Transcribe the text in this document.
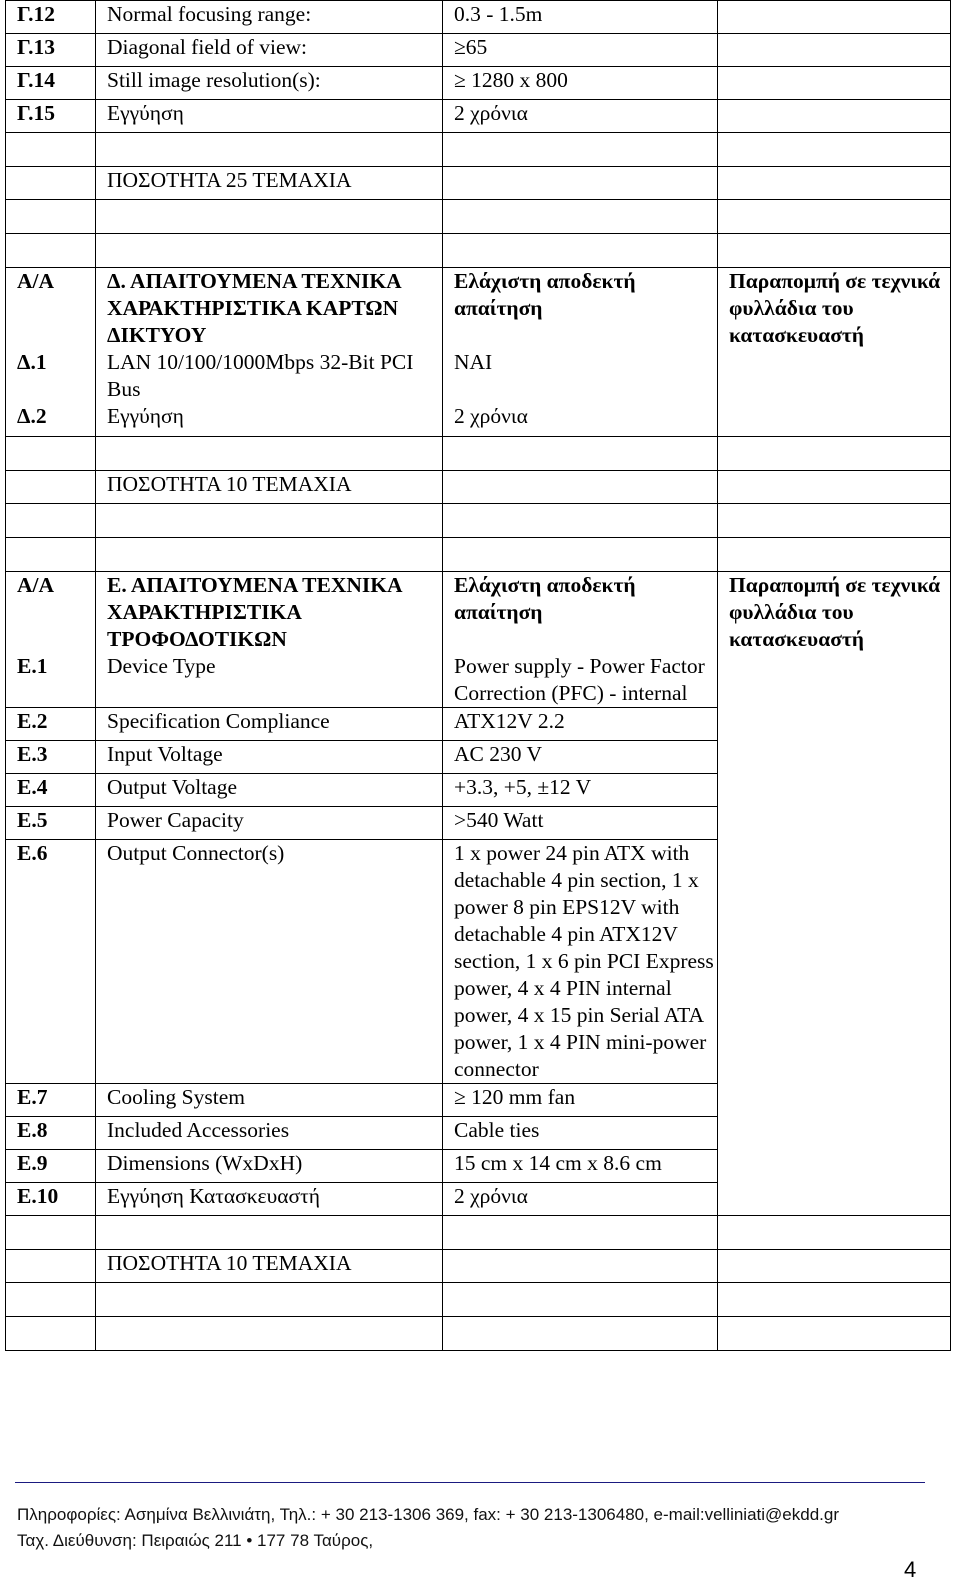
Γ.12	Normal focusing range:	0.3 - 1.5m	
Γ.13	Diagonal field of view:	≥65	
Γ.14	Still image resolution(s):	≥ 1280 x 800	
Γ.15	Εγγύηση	2 χρόνια	

	ΠΟΣΟΤΗΤΑ 25 ΤΕΜΑΧΙΑ		

Α/Α	Δ. ΑΠΑΙΤΟΥΜΕΝΑ ΤΕΧΝΙΚΑ ΧΑΡΑΚΤΗΡΙΣΤΙΚΑ ΚΑΡΤΩΝ ΔΙΚΤΥΟΥ	Ελάχιστη αποδεκτή απαίτηση	Παραπομπή σε τεχνικά φυλλάδια του κατασκευαστή
Δ.1	LAN 10/100/1000Mbps 32-Bit PCI Bus	NAI	
Δ.2	Εγγύηση	2 χρόνια	

	ΠΟΣΟΤΗΤΑ 10 ΤΕΜΑΧΙΑ		

Α/Α	Ε. ΑΠΑΙΤΟΥΜΕΝΑ ΤΕΧΝΙΚΑ ΧΑΡΑΚΤΗΡΙΣΤΙΚΑ ΤΡΟΦΟΔΟΤΙΚΩΝ	Ελάχιστη αποδεκτή απαίτηση	Παραπομπή σε τεχνικά φυλλάδια του κατασκευαστή
Ε.1	Device Type	Power supply - Power Factor Correction (PFC) - internal	
Ε.2	Specification Compliance	ATX12V 2.2	
Ε.3	Input Voltage	AC 230 V	
Ε.4	Output Voltage	+3.3, +5, ±12 V	
Ε.5	Power Capacity	>540 Watt	
Ε.6	Output Connector(s)	1 x power 24 pin ATX with detachable 4 pin section, 1 x power 8 pin EPS12V with detachable 4 pin ATX12V section, 1 x 6 pin PCI Express power, 4 x 4 PIN internal power, 4 x 15 pin Serial ATA power, 1 x 4 PIN mini-power connector	
Ε.7	Cooling System	≥ 120 mm fan	
Ε.8	Included Accessories	Cable ties	
Ε.9	Dimensions (WxDxH)	15 cm x 14 cm x 8.6 cm	
Ε.10	Εγγύηση Κατασκευαστή	2 χρόνια	

	ΠΟΣΟΤΗΤΑ 10 ΤΕΜΑΧΙΑ		

Πληροφορίες: Ασημίνα Βελλινιάτη, Τηλ.: + 30 213-1306 369, fax: + 30 213-1306480, e-mail:velliniati@ekdd.gr
Ταχ. Διεύθυνση: Πειραιώς 211 • 177 78 Ταύρος,
4
